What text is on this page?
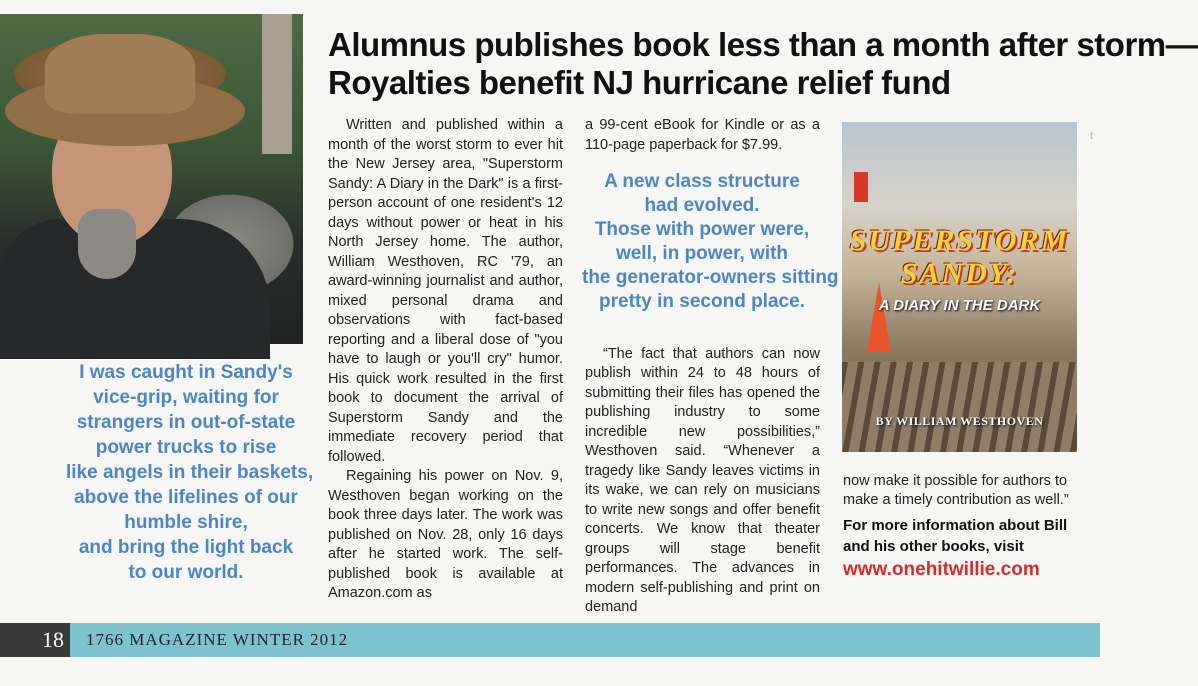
I was caught in Sandy's
vice-grip, waiting for
strangers in out-of-state
power trucks to rise
like angels in their baskets,
above the lifelines of our
humble shire,
and bring the light back
to our world.
Alumnus publishes book less than a month after storm—
Royalties benefit NJ hurricane relief fund

Written and published within a month of the worst storm to ever hit the New Jersey area, "Superstorm Sandy: A Diary in the Dark" is a first-person account of one resident's 12 days without power or heat in his North Jersey home. The author, William Westhoven, RC '79, an award-winning journalist and author, mixed personal drama and observations with fact-based reporting and a liberal dose of "you have to laugh or you'll cry" humor. His quick work resulted in the first book to document the arrival of Superstorm Sandy and the immediate recovery period that followed.

Regaining his power on Nov. 9, Westhoven began working on the book three days later. The work was published on Nov. 28, only 16 days after he started work. The self-published book is available at Amazon.com as

a 99-cent eBook for Kindle or as a 110-page paperback for $7.99.

A new class structure
had evolved.
Those with power were,
well, in power, with
the generator-owners sitting
pretty in second place.

“The fact that authors can now publish within 24 to 48 hours of submitting their files has opened the publishing industry to some incredible new possibilities,” Westhoven said. “Whenever a tragedy like Sandy leaves victims in its wake, we can rely on musicians to write new songs and offer benefit concerts. We know that theater groups will stage benefit performances. The advances in modern self-publishing and print on demand

SUPERSTORM
SANDY:
A DIARY IN THE DARK
BY WILLIAM WESTHOVEN

now make it possible for authors to make a timely contribution as well.”

For more information about Bill and his other books, visit
www.onehitwillie.com
t
18	1766 MAGAZINE WINTER 2012
